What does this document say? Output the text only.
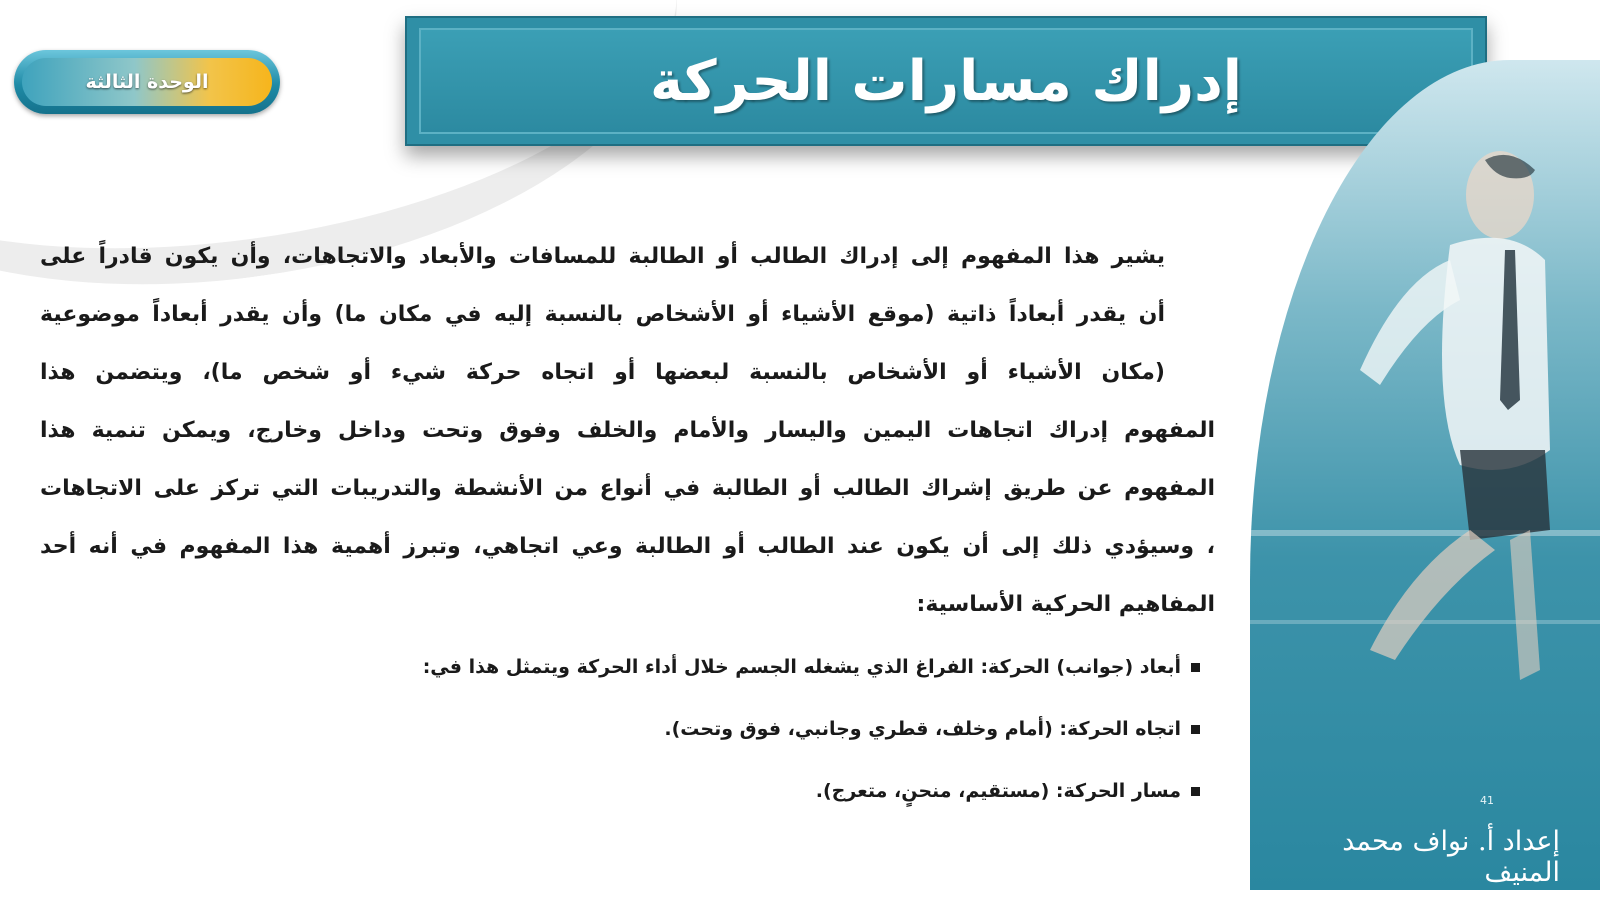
الوحدة الثالثة	إدراك مسارات الحركة
41
إعداد أ. نواف محمد المنيف
يشير هذا المفهوم إلى إدراك الطالب أو الطالبة للمسافات والأبعاد والاتجاهات، وأن يكون قادراً على
أن يقدر أبعاداً ذاتية (موقع الأشياء أو الأشخاص بالنسبة إليه في مكان ما) وأن يقدر أبعاداً موضوعية
(مكان الأشياء أو الأشخاص بالنسبة لبعضها أو اتجاه حركة شيء أو شخص ما)، ويتضمن هذا
المفهوم إدراك اتجاهات اليمين واليسار والأمام والخلف وفوق وتحت وداخل وخارج، ويمكن تنمية هذا
المفهوم عن طريق إشراك الطالب أو الطالبة في أنواع من الأنشطة والتدريبات التي تركز على الاتجاهات
، وسيؤدي ذلك إلى أن يكون عند الطالب أو الطالبة وعي اتجاهي، وتبرز أهمية هذا المفهوم في أنه أحد
المفاهيم الحركية الأساسية:
أبعاد (جوانب) الحركة: الفراغ الذي يشغله الجسم خلال أداء الحركة ويتمثل هذا في:
اتجاه الحركة: (أمام وخلف، قطري وجانبي، فوق وتحت).
مسار الحركة: (مستقيم، منحنٍ، متعرج).
